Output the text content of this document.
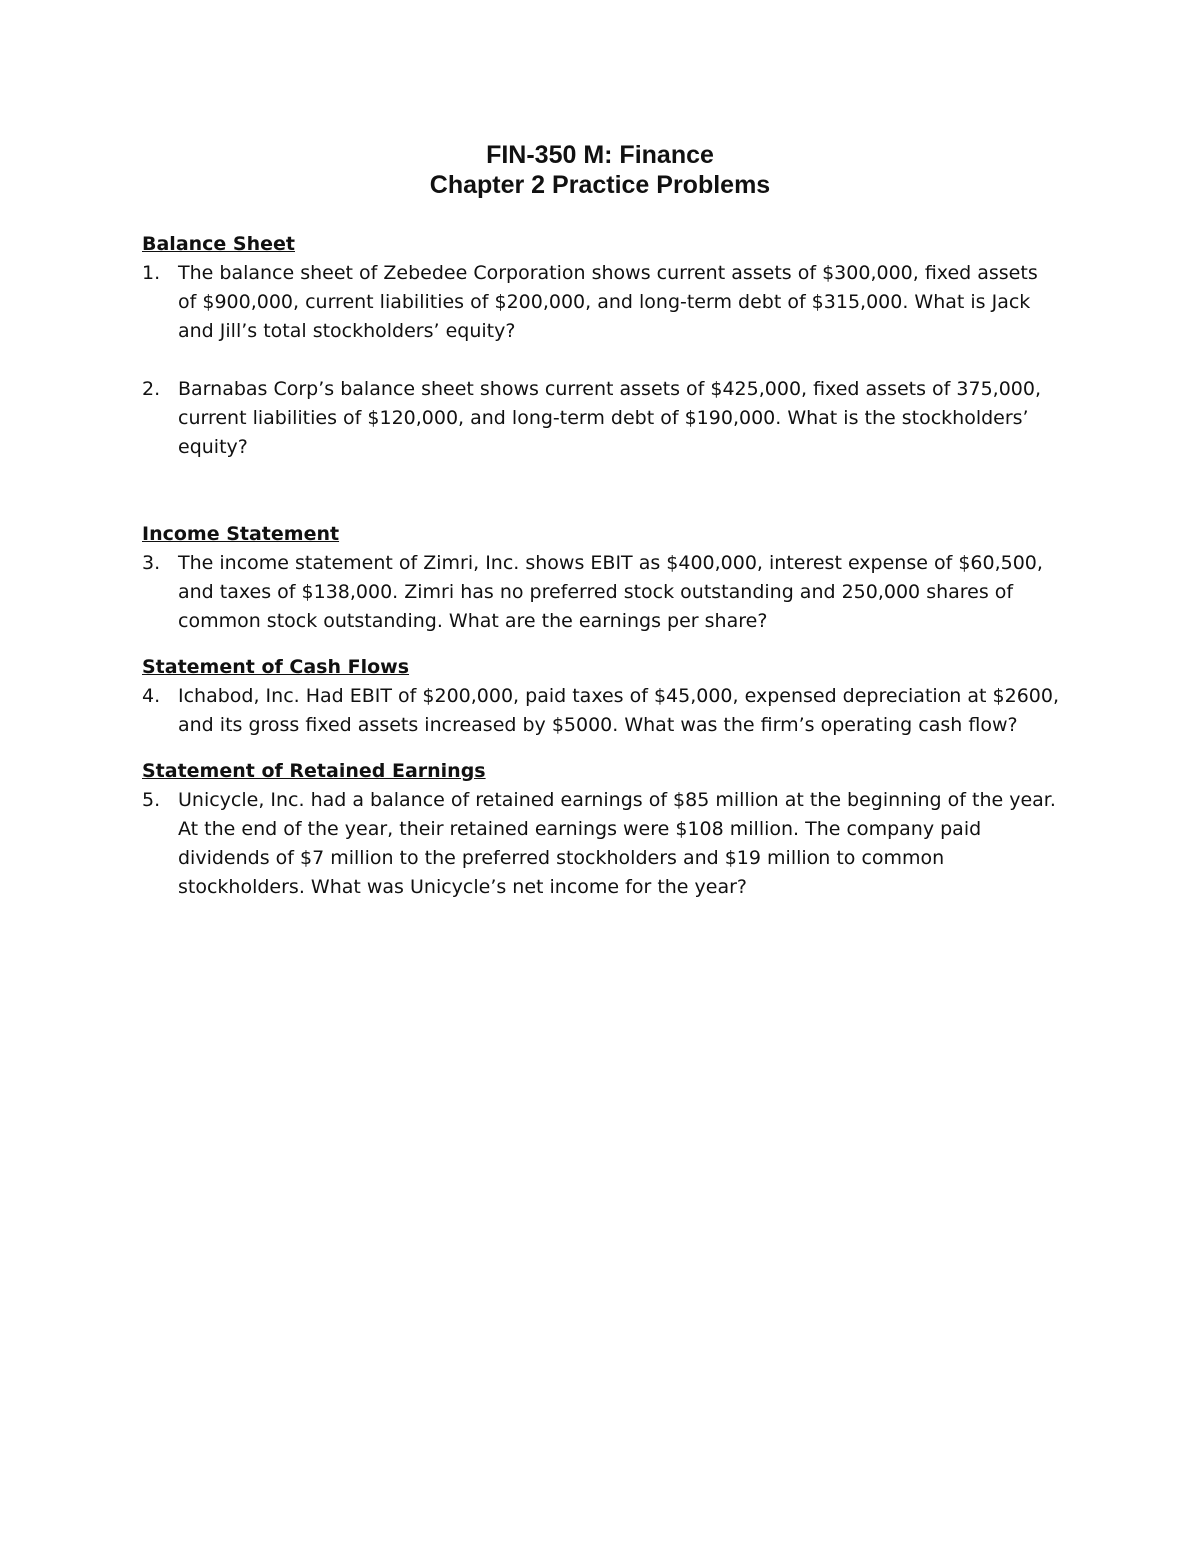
FIN-350 M: Finance
Chapter 2 Practice Problems
Balance Sheet
1. The balance sheet of Zebedee Corporation shows current assets of $300,000, fixed assets of $900,000, current liabilities of $200,000, and long-term debt of $315,000. What is Jack and Jill’s total stockholders’ equity?
2. Barnabas Corp’s balance sheet shows current assets of $425,000, fixed assets of 375,000, current liabilities of $120,000, and long-term debt of $190,000. What is the stockholders’ equity?
Income Statement
3. The income statement of Zimri, Inc. shows EBIT as $400,000, interest expense of $60,500, and taxes of $138,000. Zimri has no preferred stock outstanding and 250,000 shares of common stock outstanding. What are the earnings per share?
Statement of Cash Flows
4. Ichabod, Inc. Had EBIT of $200,000, paid taxes of $45,000, expensed depreciation at $2600, and its gross fixed assets increased by $5000. What was the firm’s operating cash flow?
Statement of Retained Earnings
5. Unicycle, Inc. had a balance of retained earnings of $85 million at the beginning of the year. At the end of the year, their retained earnings were $108 million. The company paid dividends of $7 million to the preferred stockholders and $19 million to common stockholders. What was Unicycle’s net income for the year?
